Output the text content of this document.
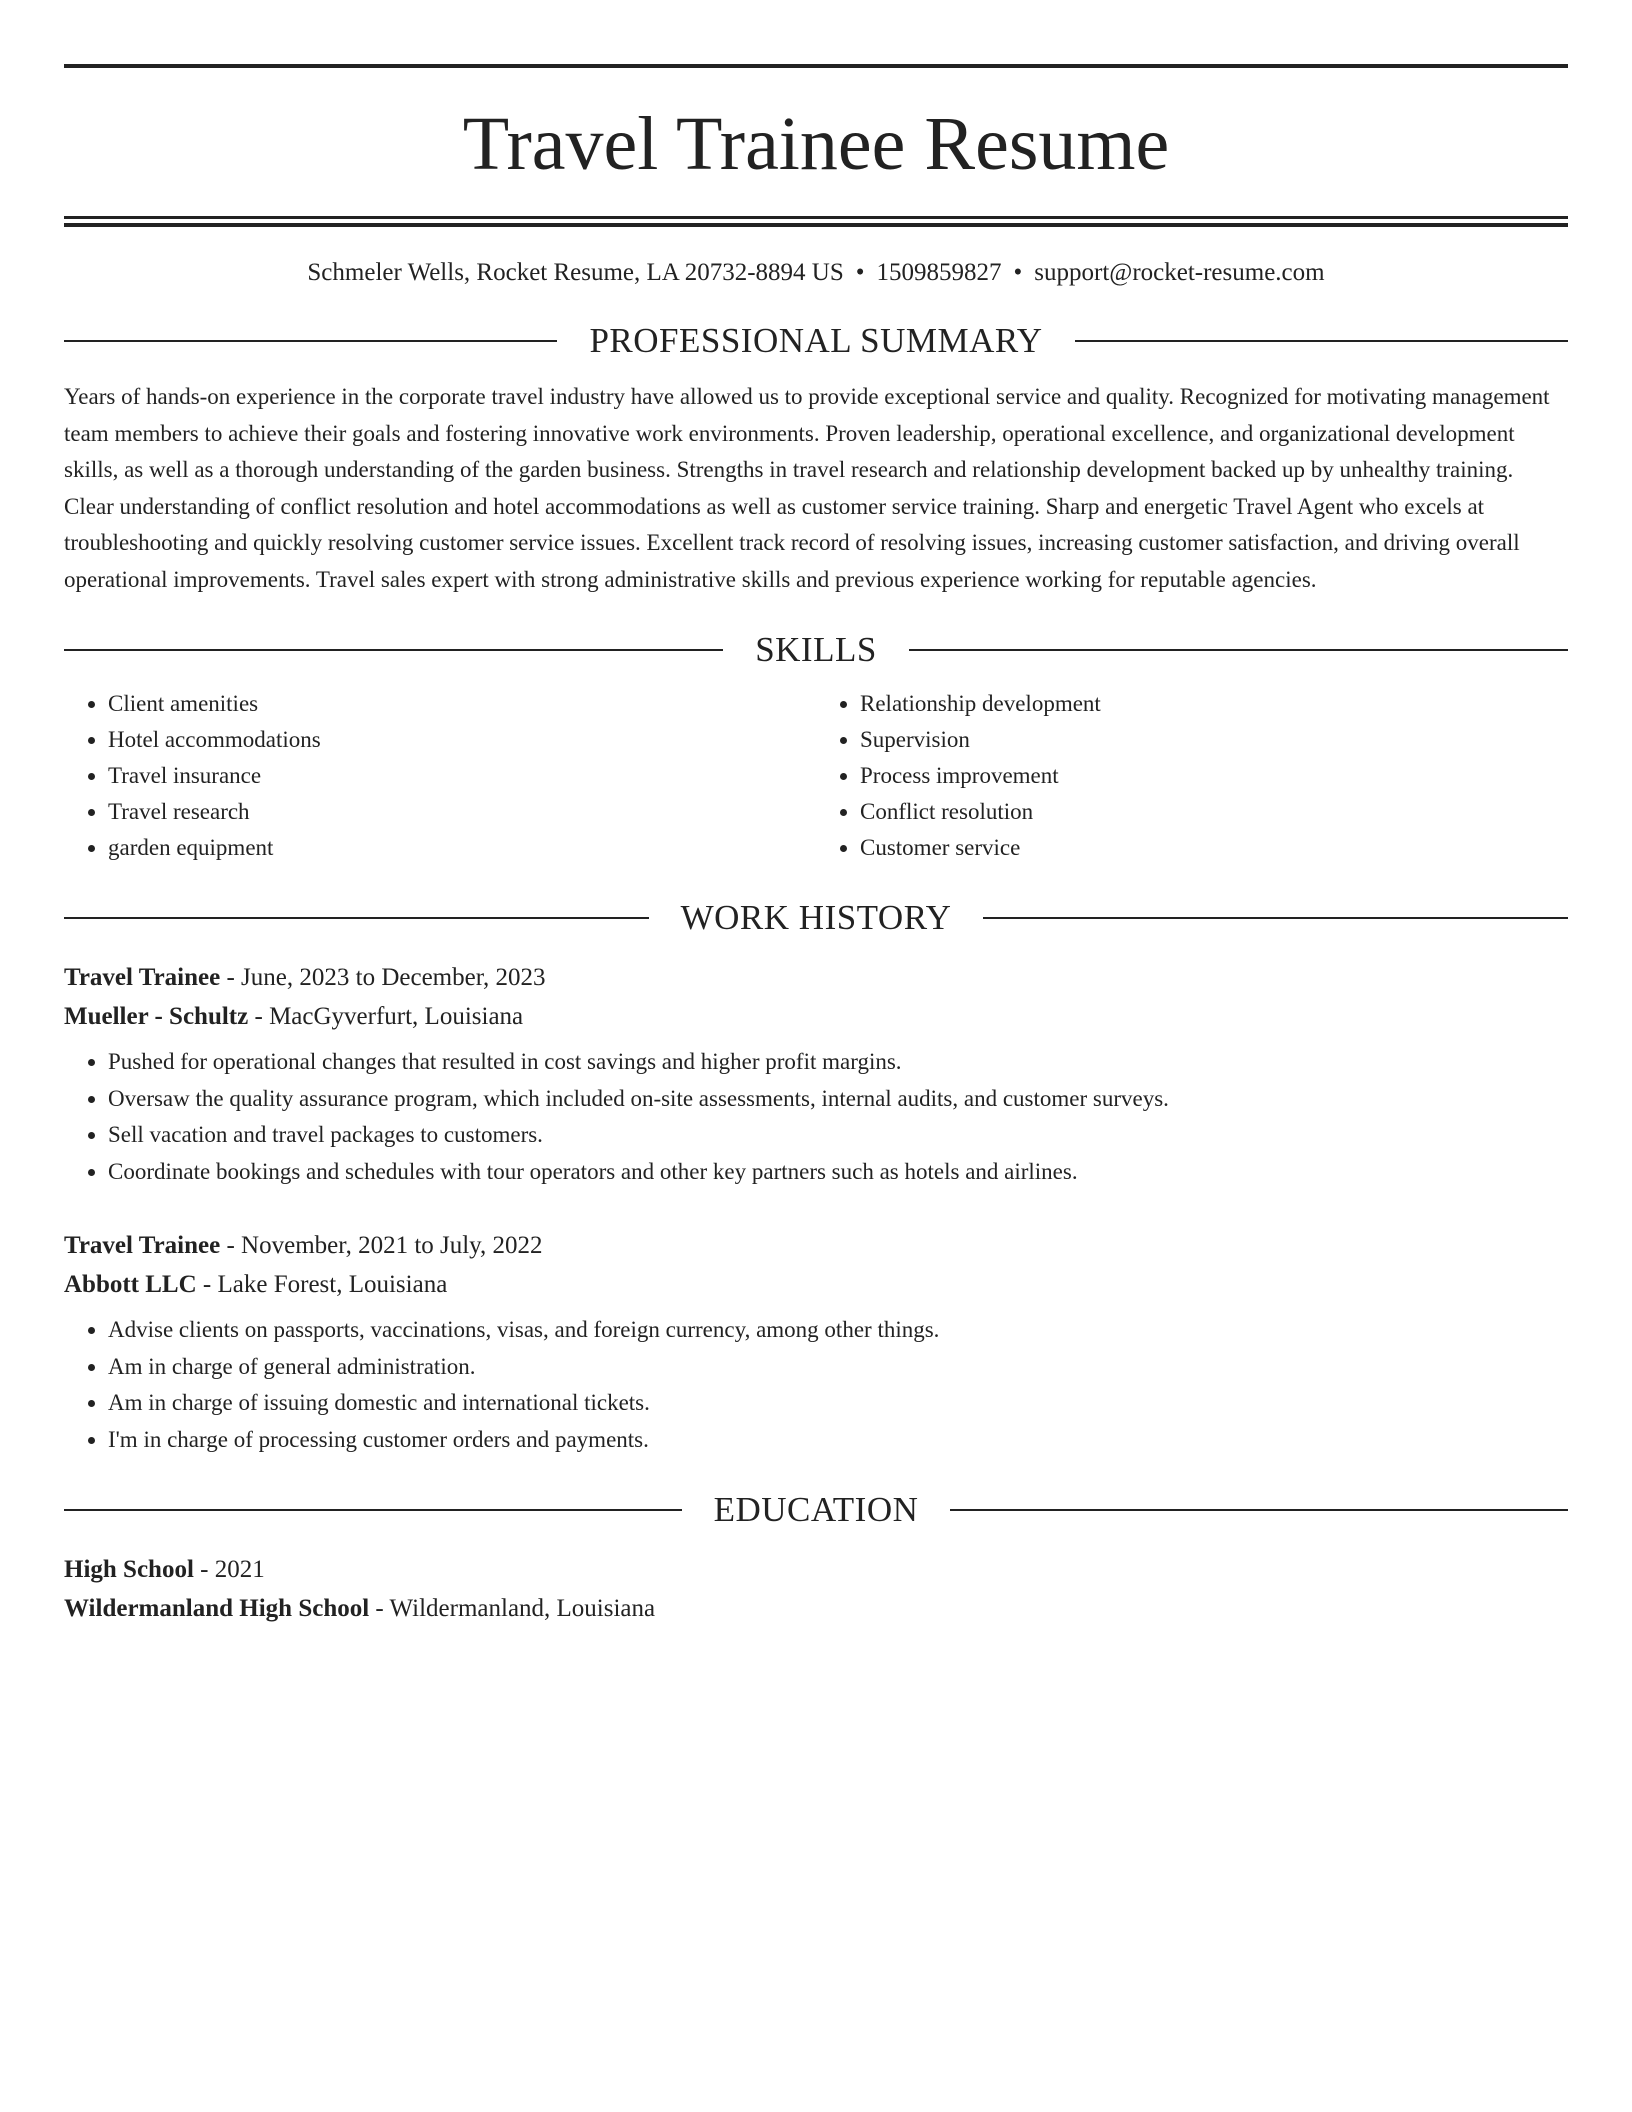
Travel Trainee Resume
Schmeler Wells, Rocket Resume, LA 20732-8894 US • 1509859827 • support@rocket-resume.com
PROFESSIONAL SUMMARY

Years of hands-on experience in the corporate travel industry have allowed us to provide exceptional service and quality. Recognized for motivating management team members to achieve their goals and fostering innovative work environments. Proven leadership, operational excellence, and organizational development skills, as well as a thorough understanding of the garden business. Strengths in travel research and relationship development backed up by unhealthy training. Clear understanding of conflict resolution and hotel accommodations as well as customer service training. Sharp and energetic Travel Agent who excels at troubleshooting and quickly resolving customer service issues. Excellent track record of resolving issues, increasing customer satisfaction, and driving overall operational improvements. Travel sales expert with strong administrative skills and previous experience working for reputable agencies.

SKILLS
• Client amenities
• Hotel accommodations
• Travel insurance
• Travel research
• garden equipment
• Relationship development
• Supervision
• Process improvement
• Conflict resolution
• Customer service
WORK HISTORY
Travel Trainee - June, 2023 to December, 2023
Mueller - Schultz - MacGyverfurt, Louisiana
• Pushed for operational changes that resulted in cost savings and higher profit margins.
• Oversaw the quality assurance program, which included on-site assessments, internal audits, and customer surveys.
• Sell vacation and travel packages to customers.
• Coordinate bookings and schedules with tour operators and other key partners such as hotels and airlines.
Travel Trainee - November, 2021 to July, 2022
Abbott LLC - Lake Forest, Louisiana
• Advise clients on passports, vaccinations, visas, and foreign currency, among other things.
• Am in charge of general administration.
• Am in charge of issuing domestic and international tickets.
• I'm in charge of processing customer orders and payments.
EDUCATION
High School - 2021
Wildermanland High School - Wildermanland, Louisiana
